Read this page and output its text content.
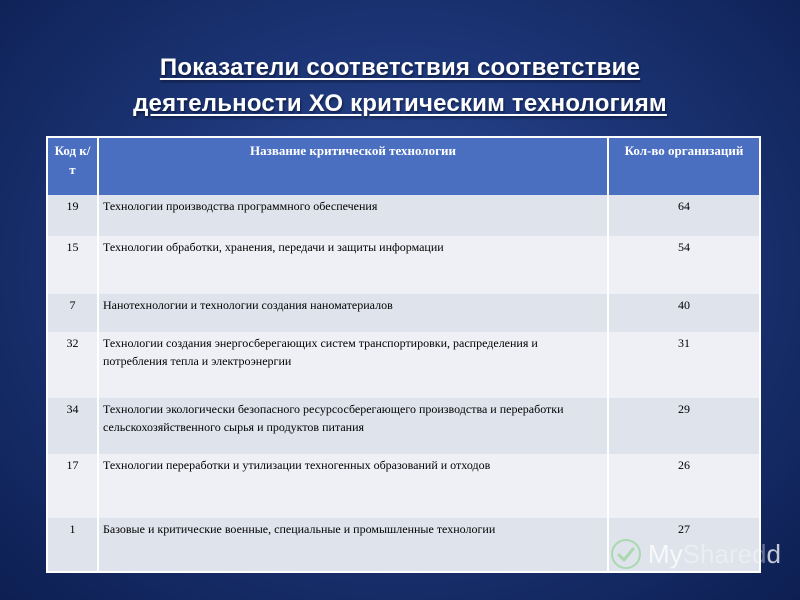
Показатели соответствия соответствие
деятельности ХО критическим технологиям
Код к/т	Название критической технологии	Кол-во организаций
19	Технологии производства программного обеспечения	64
15	Технологии обработки, хранения, передачи и защиты информации	54
7	Нанотехнологии и технологии создания наноматериалов	40
32	Технологии создания энергосберегающих систем транспортировки, распределения и потребления тепла и электроэнергии	31
34	Технологии экологически безопасного ресурсосберегающего производства и переработки сельскохозяйственного сырья и продуктов питания	29
17	Технологии переработки и утилизации техногенных образований и отходов	26
1	Базовые и критические военные, специальные и промышленные технологии	27
MySharedd
